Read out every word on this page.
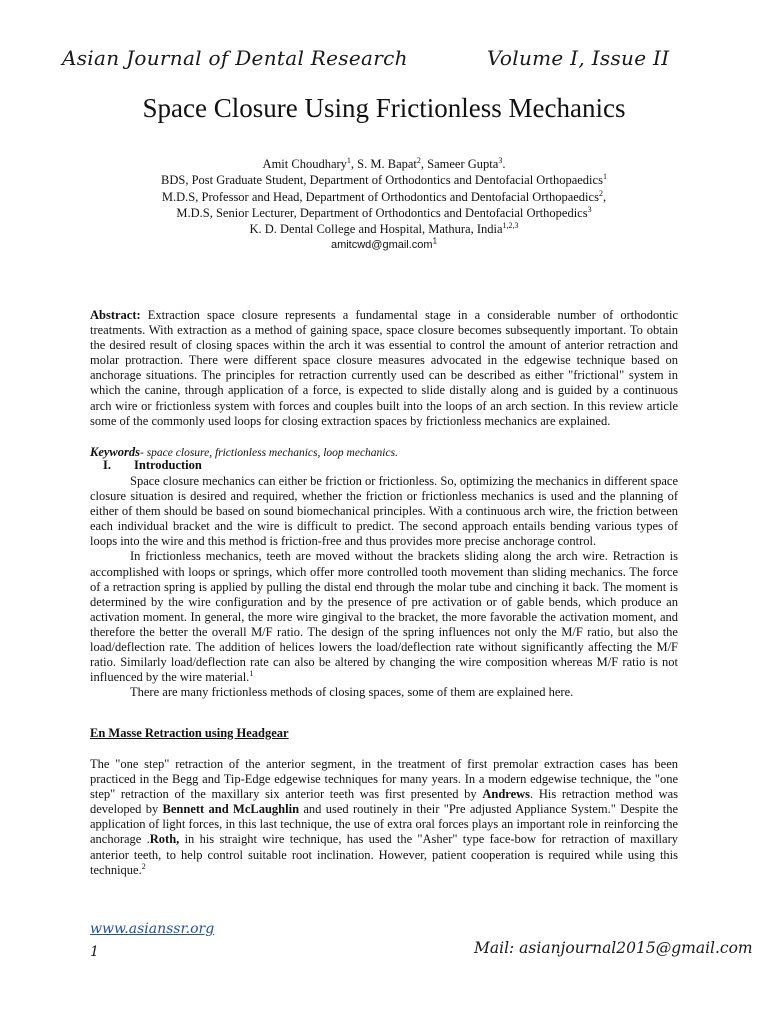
Asian Journal of Dental Research	Volume I, Issue II
Space Closure Using Frictionless Mechanics
Amit Choudhary$^1$, S. M. Bapat$^2$, Sameer Gupta$^3$.
BDS, Post Graduate Student, Department of Orthodontics and Dentofacial Orthopaedics$^1$
M.D.S, Professor and Head, Department of Orthodontics and Dentofacial Orthopaedics$^2$,
M.D.S, Senior Lecturer, Department of Orthodontics and Dentofacial Orthopedics$^3$
K. D. Dental College and Hospital, Mathura, India$^{1,2,3}$
amitcwd@gmail.com$^1$
Abstract: Extraction space closure represents a fundamental stage in a considerable number of orthodontic treatments. With extraction as a method of gaining space, space closure becomes subsequently important. To obtain the desired result of closing spaces within the arch it was essential to control the amount of anterior retraction and molar protraction. There were different space closure measures advocated in the edgewise technique based on anchorage situations. The principles for retraction currently used can be described as either "frictional" system in which the canine, through application of a force, is expected to slide distally along and is guided by a continuous arch wire or frictionless system with forces and couples built into the loops of an arch section. In this review article some of the commonly used loops for closing extraction spaces by frictionless mechanics are explained.
Keywords- space closure, frictionless mechanics, loop mechanics.
I. Introduction

Space closure mechanics can either be friction or frictionless. So, optimizing the mechanics in different space closure situation is desired and required, whether the friction or frictionless mechanics is used and the planning of either of them should be based on sound biomechanical principles. With a continuous arch wire, the friction between each individual bracket and the wire is difficult to predict. The second approach entails bending various types of loops into the wire and this method is friction-free and thus provides more precise anchorage control.

In frictionless mechanics, teeth are moved without the brackets sliding along the arch wire. Retraction is accomplished with loops or springs, which offer more controlled tooth movement than sliding mechanics. The force of a retraction spring is applied by pulling the distal end through the molar tube and cinching it back. The moment is determined by the wire configuration and by the presence of pre activation or of gable bends, which produce an activation moment. In general, the more wire gingival to the bracket, the more favorable the activation moment, and therefore the better the overall M/F ratio. The design of the spring influences not only the M/F ratio, but also the load/deflection rate. The addition of helices lowers the load/deflection rate without significantly affecting the M/F ratio. Similarly load/deflection rate can also be altered by changing the wire composition whereas M/F ratio is not influenced by the wire material.$^1$

There are many frictionless methods of closing spaces, some of them are explained here.

En Masse Retraction using Headgear

The "one step" retraction of the anterior segment, in the treatment of first premolar extraction cases has been practiced in the Begg and Tip-Edge edgewise techniques for many years. In a modern edgewise technique, the "one step" retraction of the maxillary six anterior teeth was first presented by Andrews. His retraction method was developed by Bennett and McLaughlin and used routinely in their "Pre adjusted Appliance System." Despite the application of light forces, in this last technique, the use of extra oral forces plays an important role in reinforcing the anchorage .Roth, in his straight wire technique, has used the "Asher" type face-bow for retraction of maxillary anterior teeth, to help control suitable root inclination. However, patient cooperation is required while using this technique.$^2$

www.asianssr.org
1	Mail: asianjournal2015@gmail.com
